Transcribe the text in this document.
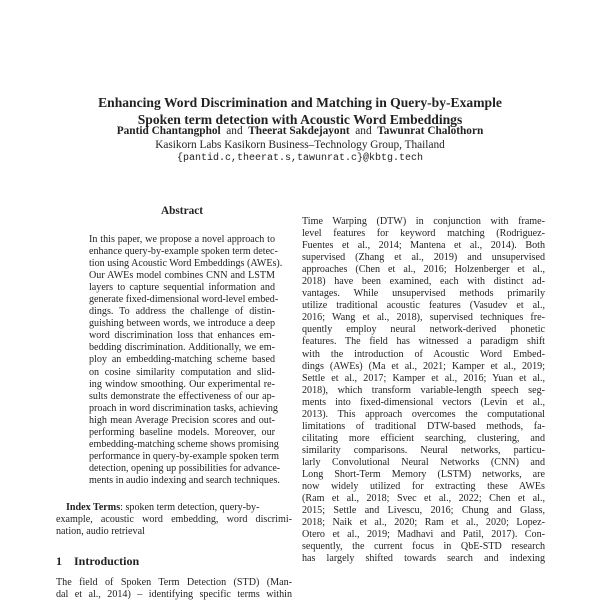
Enhancing Word Discrimination and Matching in Query-by-Example
Spoken term detection with Acoustic Word Embeddings
Pantid Chantangphol and Theerat Sakdejayont and Tawunrat Chalothorn
Kasikorn Labs Kasikorn Business–Technology Group, Thailand
{pantid.c,theerat.s,tawunrat.c}@kbtg.tech
Abstract
In this paper, we propose a novel approach to
enhance query-by-example spoken term detec-
tion using Acoustic Word Embeddings (AWEs).
Our AWEs model combines CNN and LSTM
layers to capture sequential information and
generate fixed-dimensional word-level embed-
dings. To address the challenge of distin-
guishing between words, we introduce a deep
word discrimination loss that enhances em-
bedding discrimination. Additionally, we em-
ploy an embedding-matching scheme based
on cosine similarity computation and slid-
ing window smoothing. Our experimental re-
sults demonstrate the effectiveness of our ap-
proach in word discrimination tasks, achieving
high mean Average Precision scores and out-
performing baseline models. Moreover, our
embedding-matching scheme shows promising
performance in query-by-example spoken term
detection, opening up possibilities for advance-
ments in audio indexing and search techniques.
Index Terms: spoken term detection, query-by-
example, acoustic word embedding, word discrimi-
nation, audio retrieval
1 Introduction
The field of Spoken Term Detection (STD) (Man-
dal et al., 2014) – identifying specific terms within
Time Warping (DTW) in conjunction with frame-
level features for keyword matching (Rodriguez-
Fuentes et al., 2014; Mantena et al., 2014). Both
supervised (Zhang et al., 2019) and unsupervised
approaches (Chen et al., 2016; Holzenberger et al.,
2018) have been examined, each with distinct ad-
vantages. While unsupervised methods primarily
utilize traditional acoustic features (Vasudev et al.,
2016; Wang et al., 2018), supervised techniques fre-
quently employ neural network-derived phonetic
features. The field has witnessed a paradigm shift
with the introduction of Acoustic Word Embed-
dings (AWEs) (Ma et al., 2021; Kamper et al., 2019;
Settle et al., 2017; Kamper et al., 2016; Yuan et al.,
2018), which transform variable-length speech seg-
ments into fixed-dimensional vectors (Levin et al.,
2013). This approach overcomes the computational
limitations of traditional DTW-based methods, fa-
cilitating more efficient searching, clustering, and
similarity comparisons. Neural networks, particu-
larly Convolutional Neural Networks (CNN) and
Long Short-Term Memory (LSTM) networks, are
now widely utilized for extracting these AWEs
(Ram et al., 2018; Svec et al., 2022; Chen et al.,
2015; Settle and Livescu, 2016; Chung and Glass,
2018; Naik et al., 2020; Ram et al., 2020; Lopez-
Otero et al., 2019; Madhavi and Patil, 2017). Con-
sequently, the current focus in QbE-STD research
has largely shifted towards search and indexing
